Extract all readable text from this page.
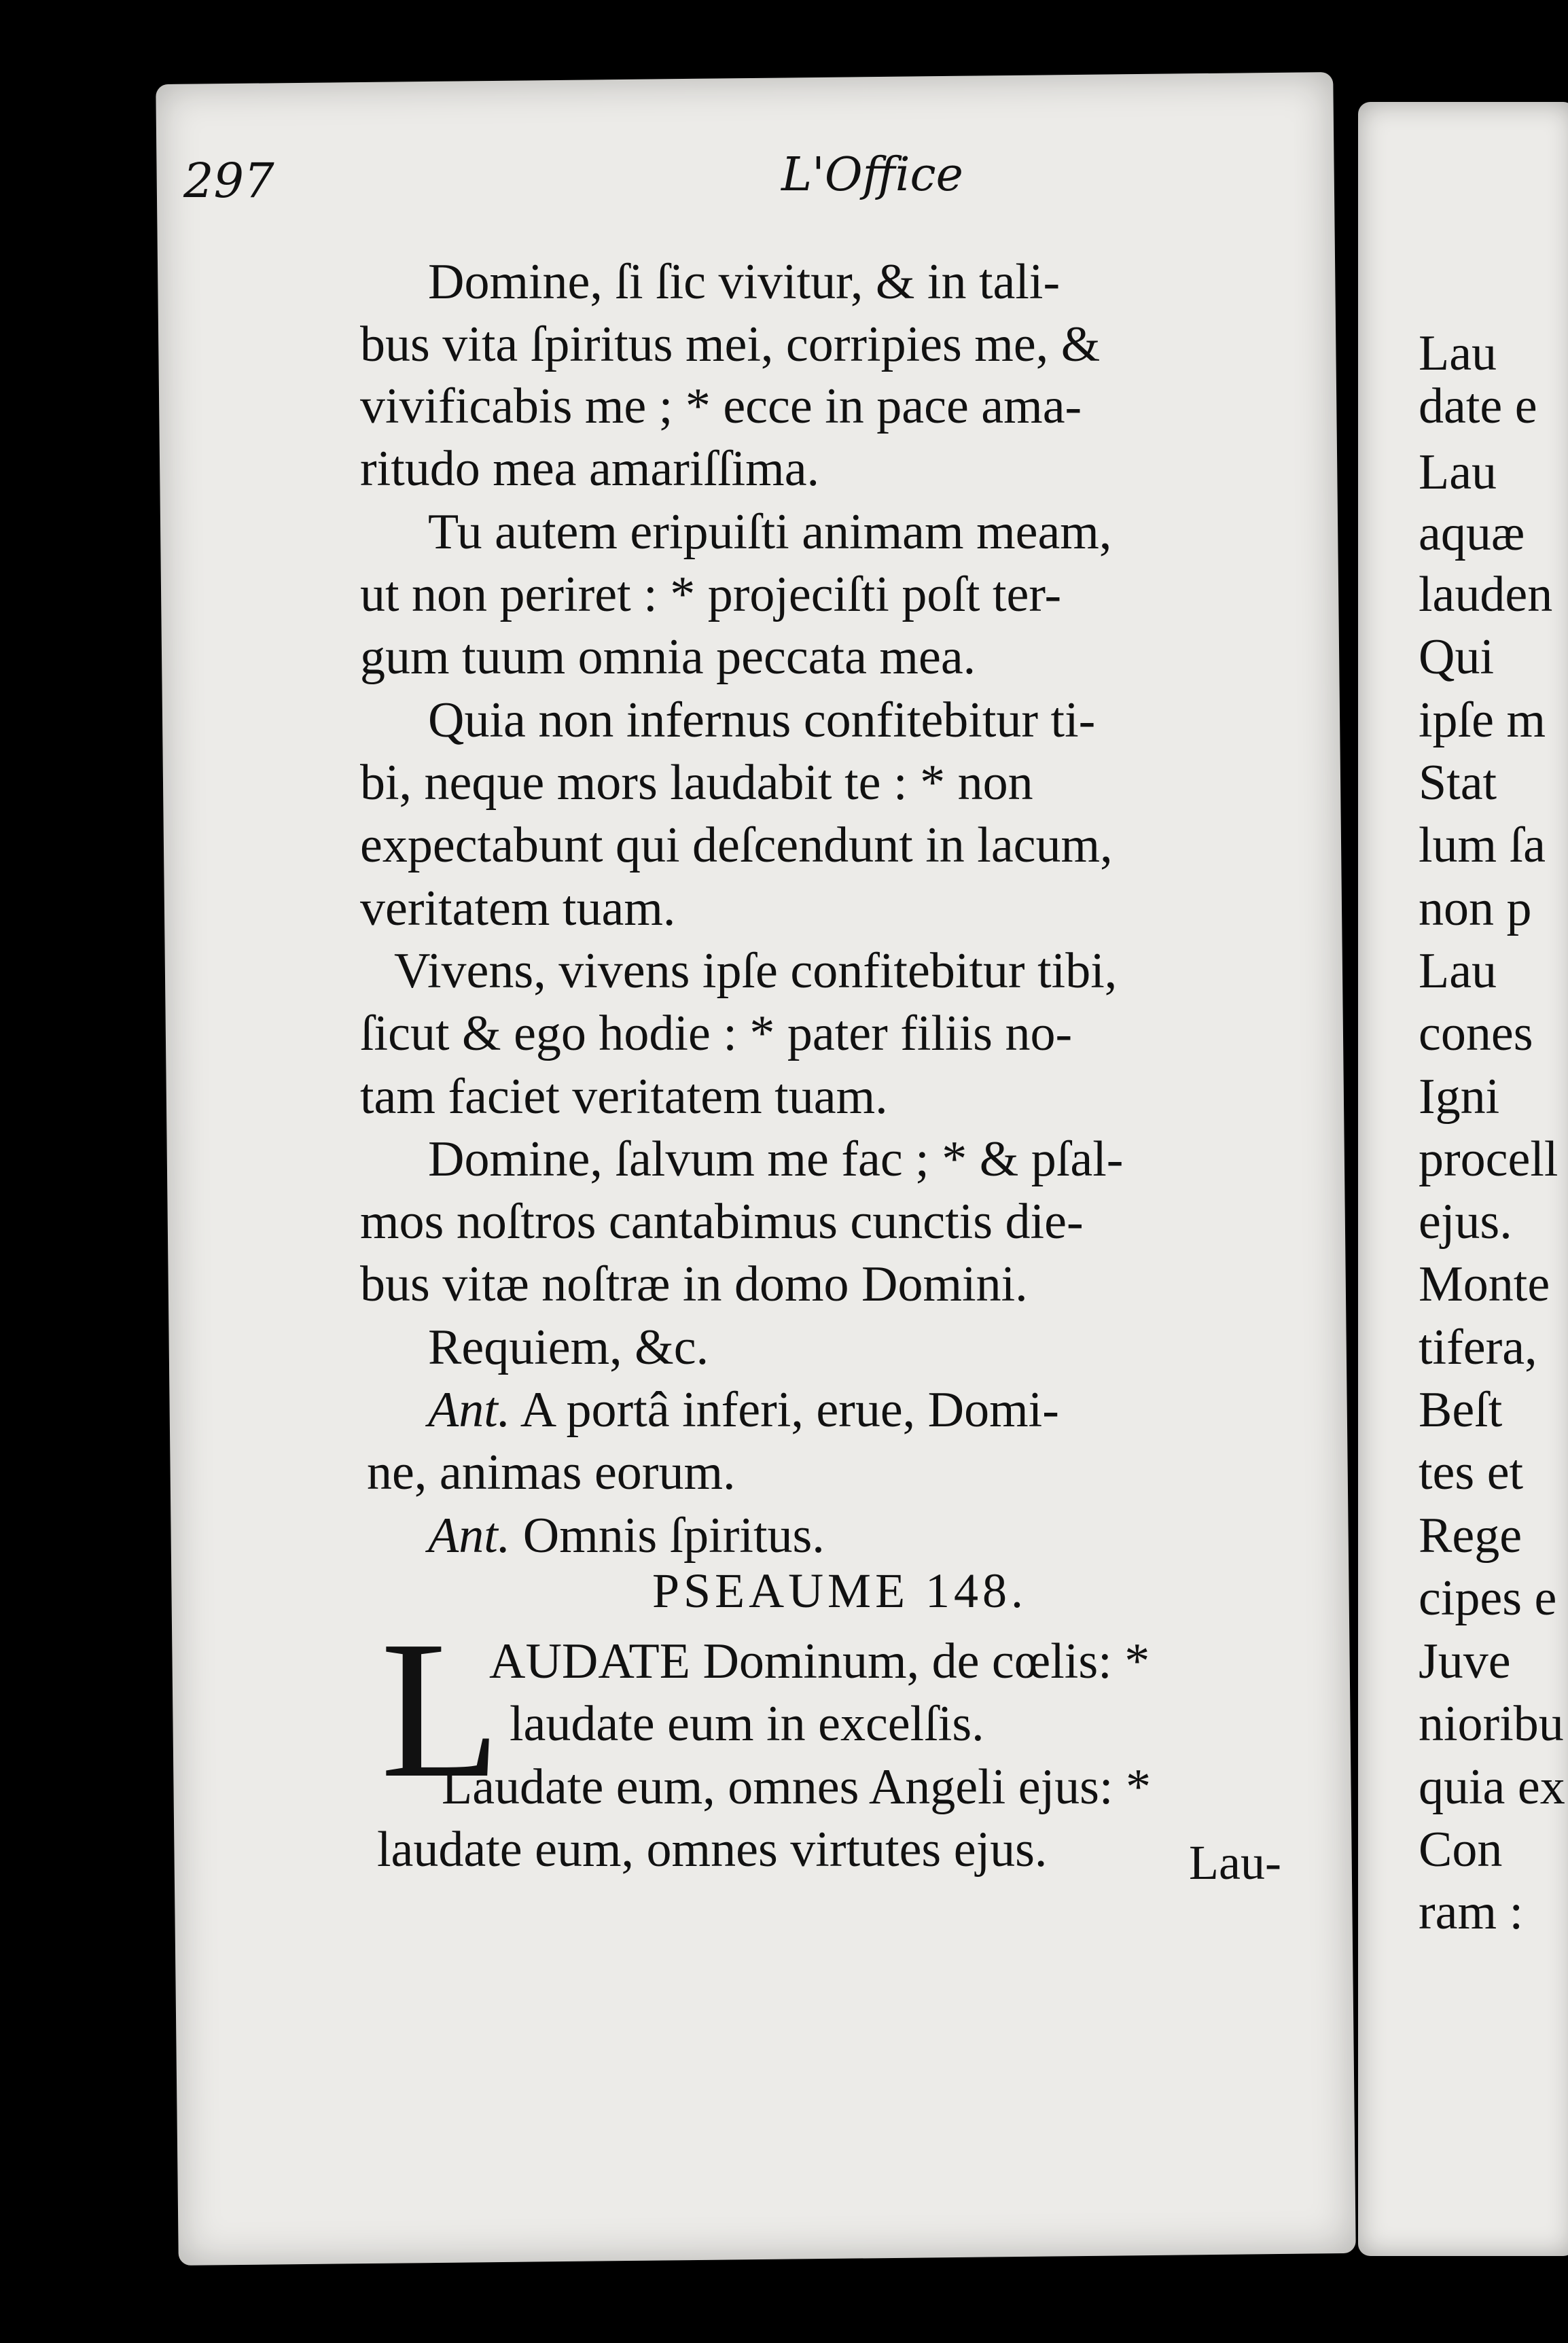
297	L'Office
Domine, ſi ſic vivitur, & in tali-
bus vita ſpiritus mei, corripies me, &
vivificabis me ; * ecce in pace ama-
ritudo mea amariſſima.
Tu autem eripuiſti animam meam,
ut non periret : * projeciſti poſt ter-
gum tuum omnia peccata mea.
Quia non infernus confitebitur ti-
bi, neque mors laudabit te : * non
expectabunt qui deſcendunt in lacum,
veritatem tuam.
Vivens, vivens ipſe confitebitur tibi,
ſicut & ego hodie : * pater filiis no-
tam faciet veritatem tuam.
Domine, ſalvum me fac ; * & pſal-
mos noſtros cantabimus cunctis die-
bus vitæ noſtræ in domo Domini.
Requiem, &c.
Ant. A portâ inferi, erue, Domi-
ne, animas eorum.
Ant. Omnis ſpiritus.
PSEAUME 148.
L
AUDATE Dominum, de cœlis: *
laudate eum in excelſis.
Laudate eum, omnes Angeli ejus: *
laudate eum, omnes virtutes ejus.	Lau-
Lau
date e
Lau
aquæ
lauden
Qui
ipſe m
Stat
lum ſa
non p
Lau
cones
Igni
procell
ejus.
Monte
tifera,
Beſt
tes et
Rege
cipes e
Juve
nioribu
quia ex
Con
ram :
